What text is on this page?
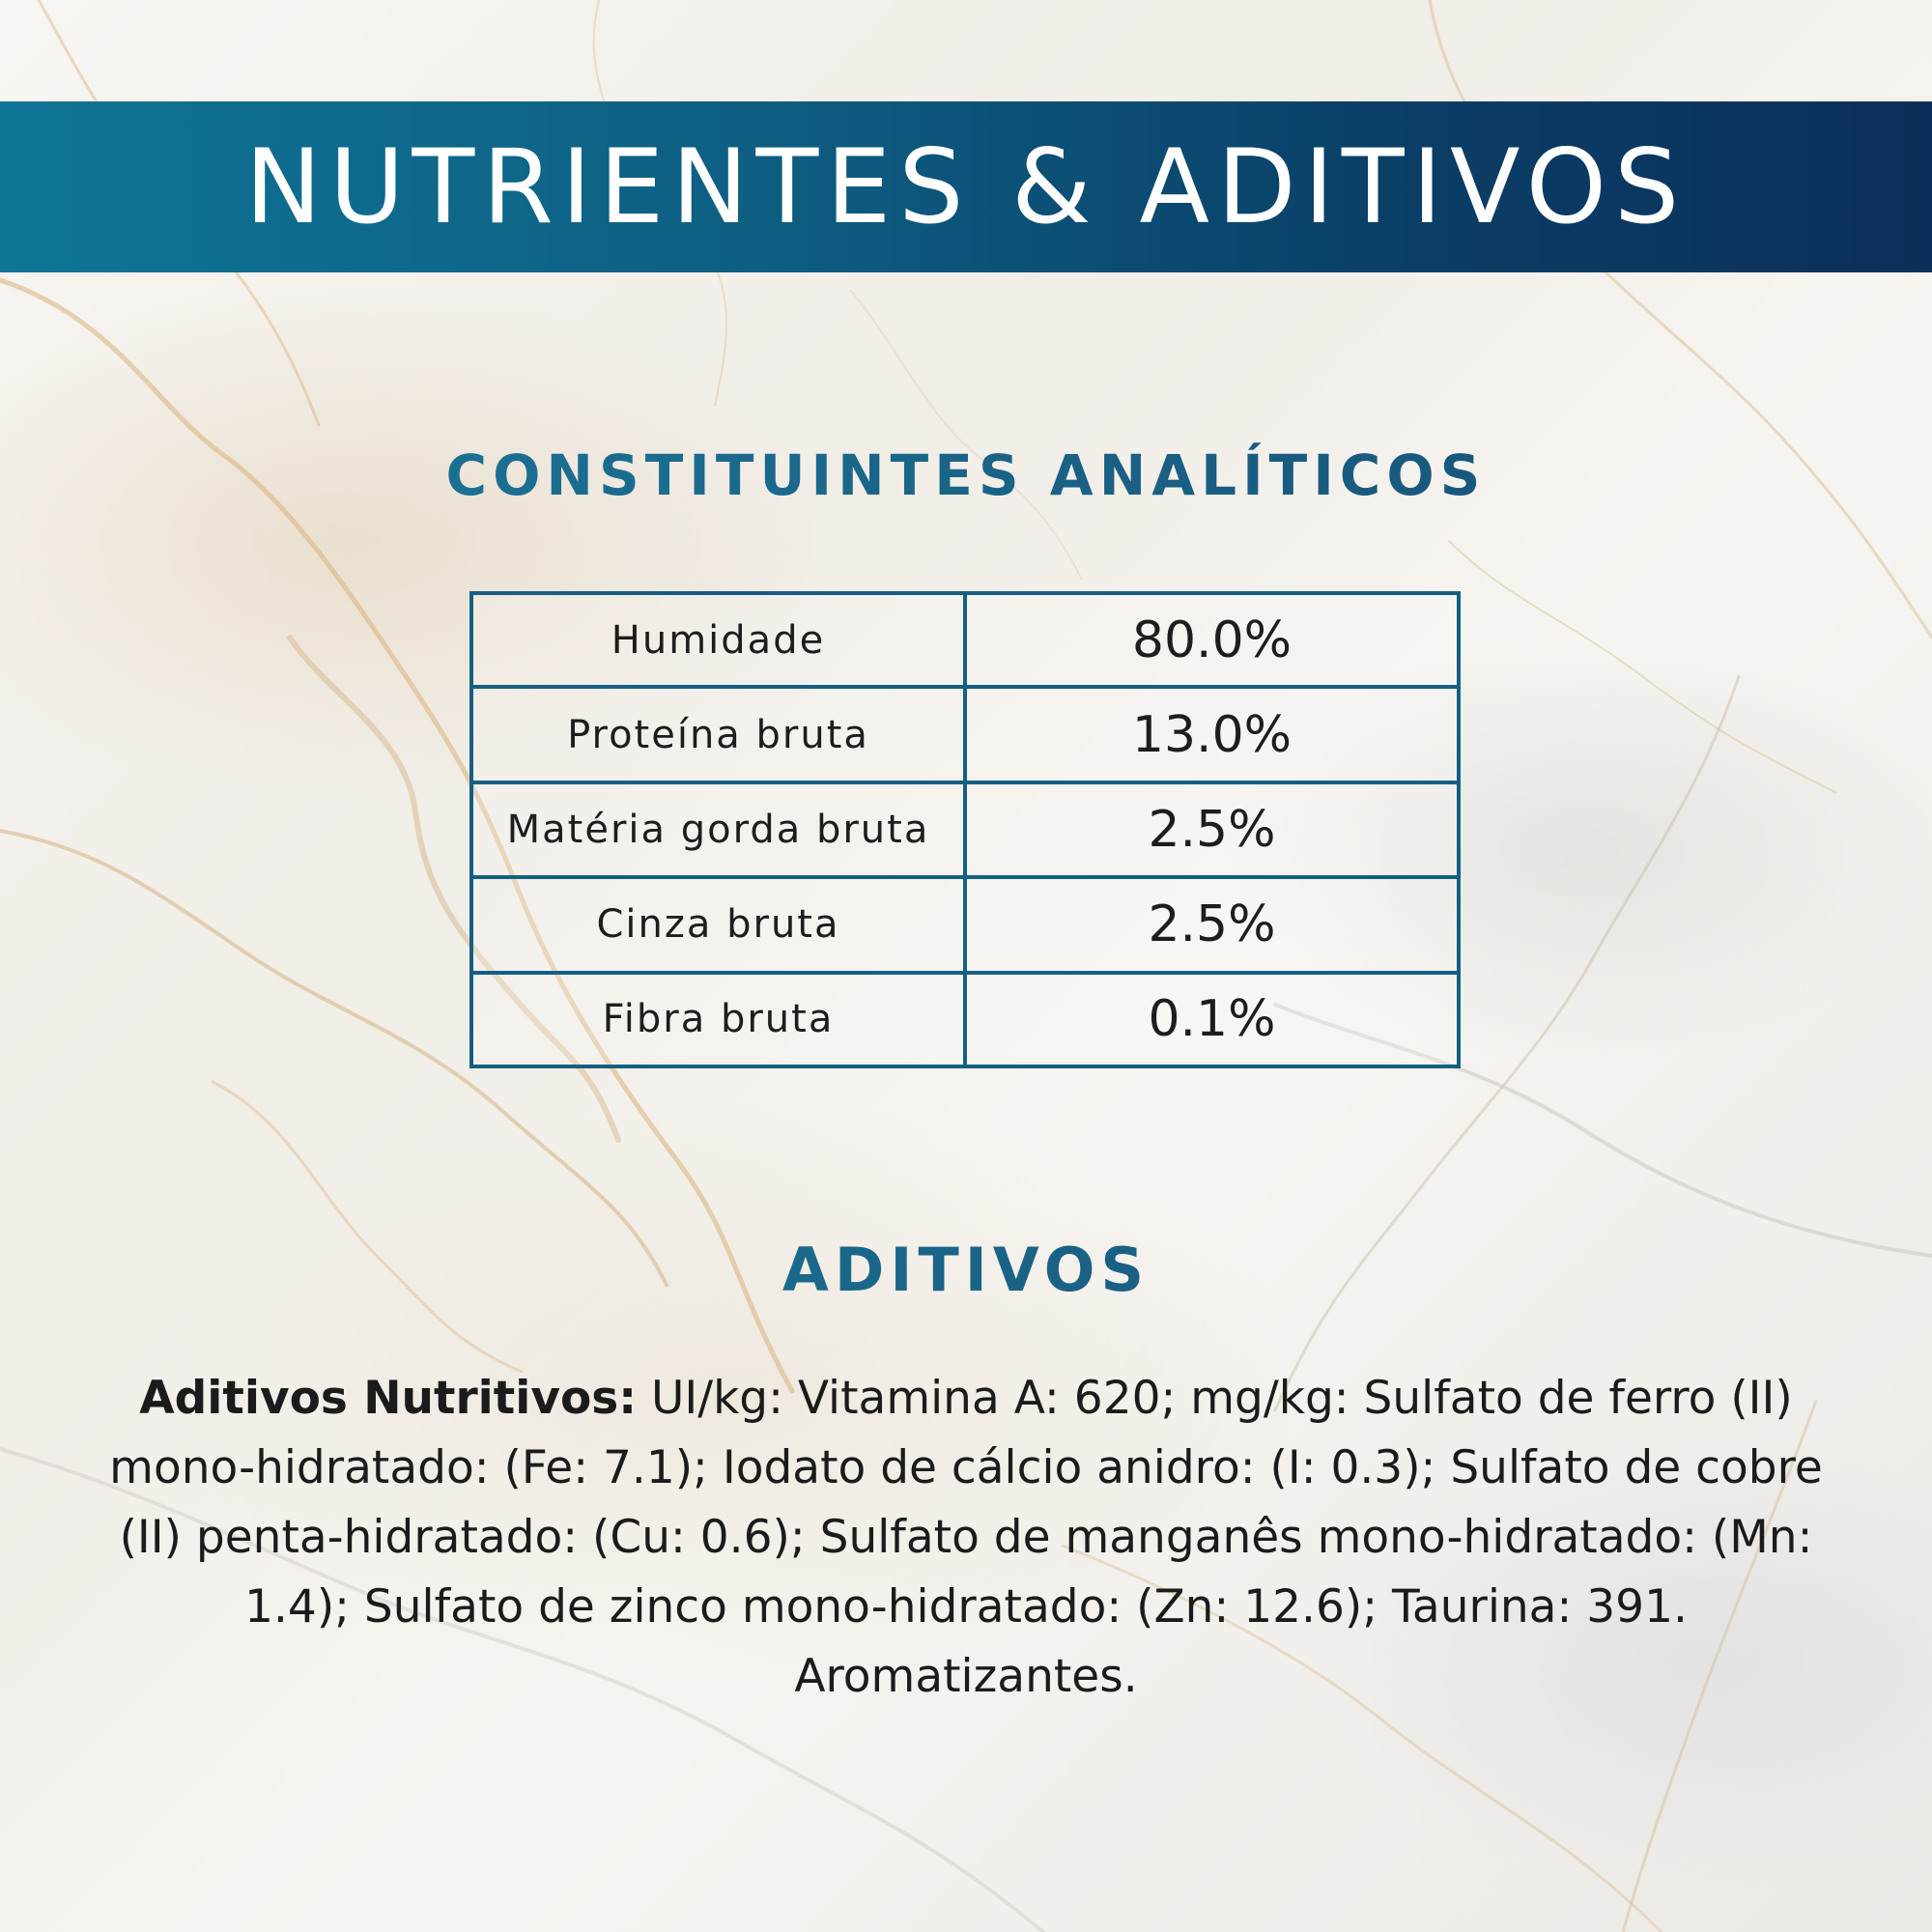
NUTRIENTES & ADITIVOS
CONSTITUINTES ANALÍTICOS
Humidade	80.0%
Proteína bruta	13.0%
Matéria gorda bruta	2.5%
Cinza bruta	2.5%
Fibra bruta	0.1%
ADITIVOS
Aditivos Nutritivos: UI/kg: Vitamina A: 620; mg/kg: Sulfato de ferro (II) mono-hidratado: (Fe: 7.1); Iodato de cálcio anidro: (I: 0.3); Sulfato de cobre (II) penta-hidratado: (Cu: 0.6); Sulfato de manganês mono-hidratado: (Mn: 1.4); Sulfato de zinco mono-hidratado: (Zn: 12.6); Taurina: 391. Aromatizantes.
